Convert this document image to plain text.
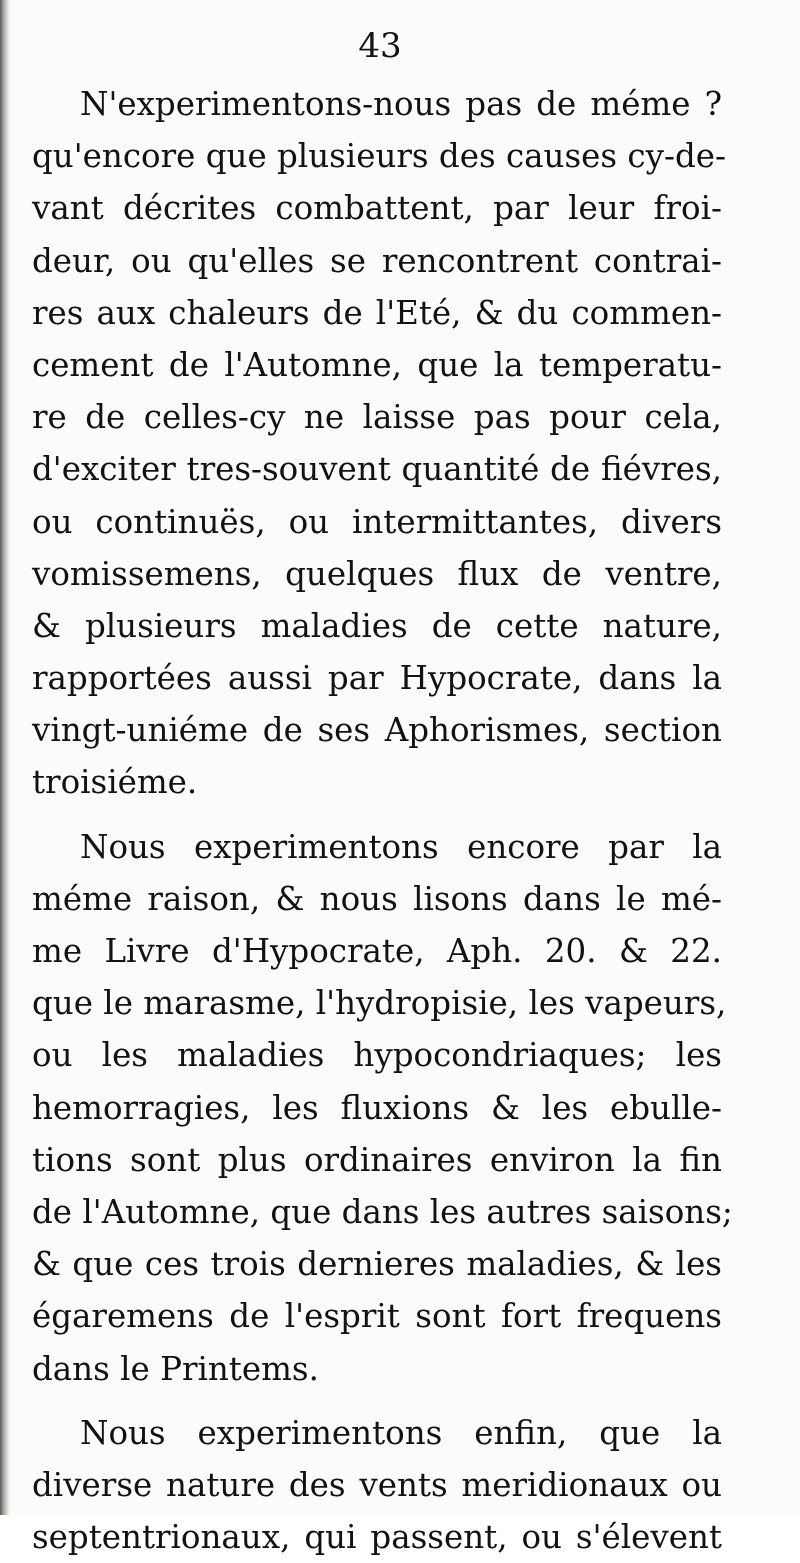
43
N'experimentons-nous pas de méme ?
qu'encore que plusieurs des causes cy-de-
vant décrites combattent, par leur froi-
deur, ou qu'elles se rencontrent contrai-
res aux chaleurs de l'Eté, & du commen-
cement de l'Automne, que la temperatu-
re de celles-cy ne laisse pas pour cela,
d'exciter tres-souvent quantité de fiévres,
ou continuës, ou intermittantes, divers
vomissemens, quelques flux de ventre,
& plusieurs maladies de cette nature,
rapportées aussi par Hypocrate, dans la
vingt-uniéme de ses Aphorismes, section
troisiéme.
Nous experimentons encore par la
méme raison, & nous lisons dans le mé-
me Livre d'Hypocrate, Aph. 20. & 22.
que le marasme, l'hydropisie, les vapeurs,
ou les maladies hypocondriaques; les
hemorragies, les fluxions & les ebulle-
tions sont plus ordinaires environ la fin
de l'Automne, que dans les autres saisons;
& que ces trois dernieres maladies, & les
égaremens de l'esprit sont fort frequens
dans le Printems.
Nous experimentons enfin, que la
diverse nature des vents meridionaux ou
septentrionaux, qui passent, ou s'élevent
